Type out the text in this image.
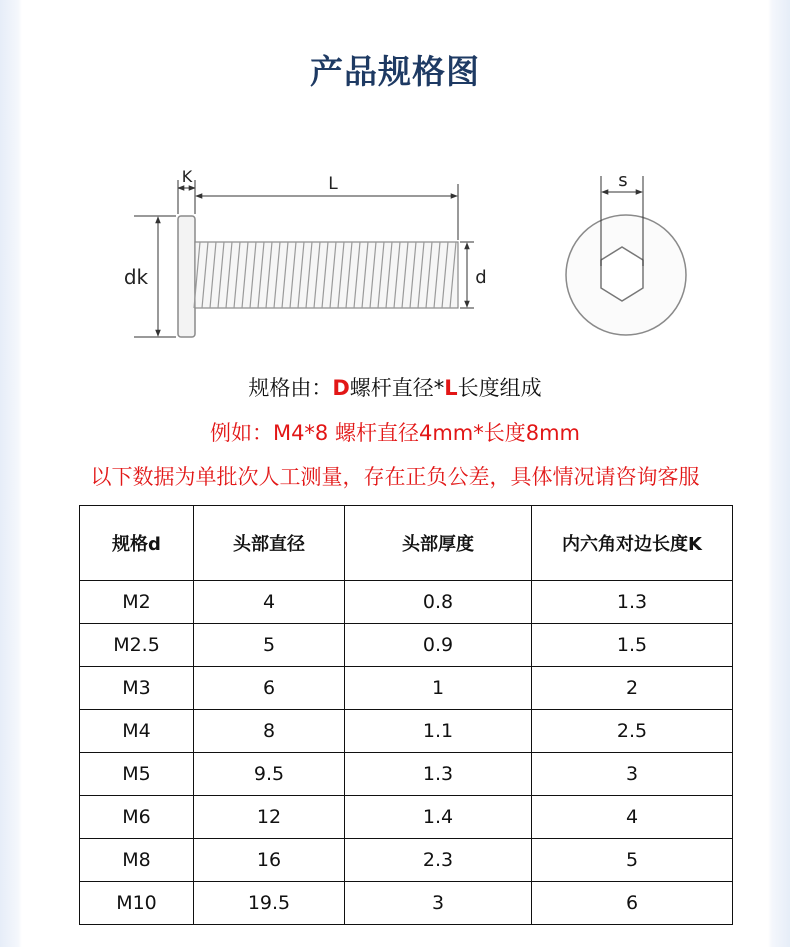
产品规格图
K	L
dk	d
s
规格由：D螺杆直径*L长度组成
例如：M4*8 螺杆直径4mm*长度8mm
以下数据为单批次人工测量，存在正负公差，具体情况请咨询客服
规格d	头部直径	头部厚度	内六角对边长度K
M2	4	0.8	1.3
M2.5	5	0.9	1.5
M3	6	1	2
M4	8	1.1	2.5
M5	9.5	1.3	3
M6	12	1.4	4
M8	16	2.3	5
M10	19.5	3	6
